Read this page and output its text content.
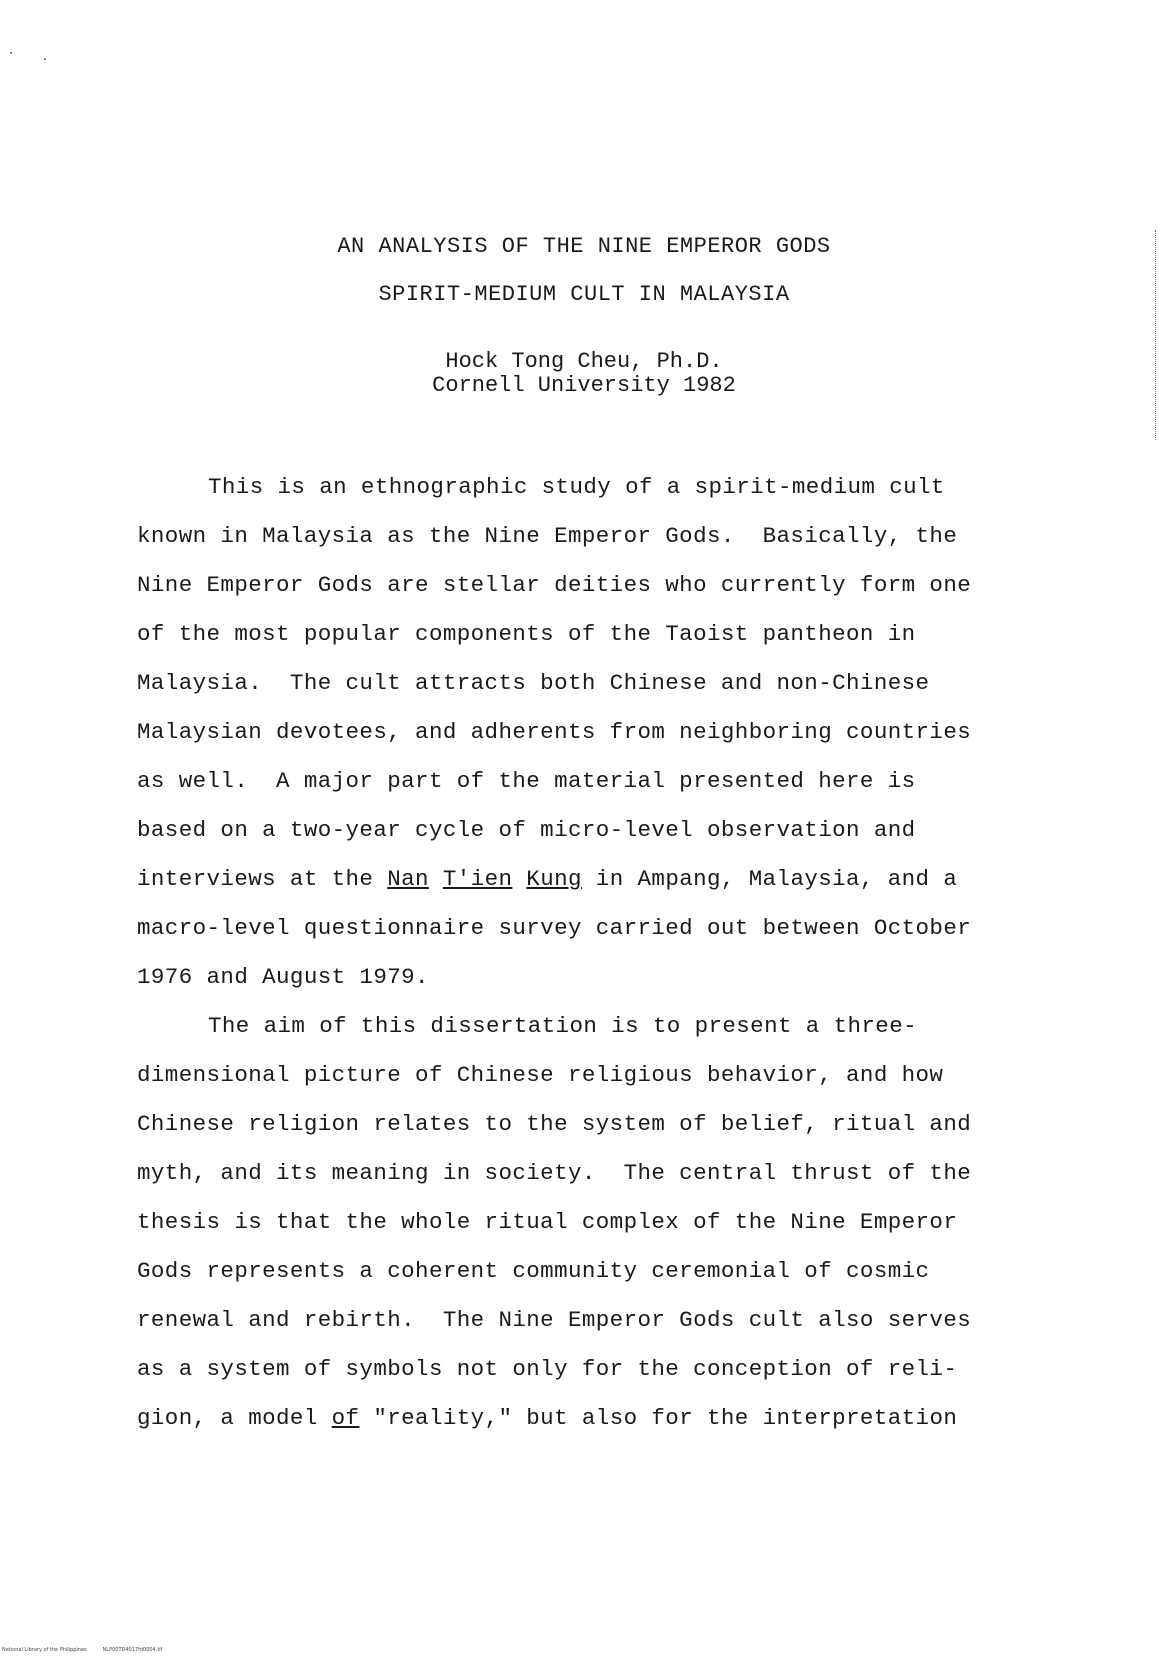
AN ANALYSIS OF THE NINE EMPEROR GODS
SPIRIT-MEDIUM CULT IN MALAYSIA
Hock Tong Cheu, Ph.D.
Cornell University 1982
This is an ethnographic study of a spirit-medium cult
known in Malaysia as the Nine Emperor Gods.  Basically, the
Nine Emperor Gods are stellar deities who currently form one
of the most popular components of the Taoist pantheon in
Malaysia.  The cult attracts both Chinese and non-Chinese
Malaysian devotees, and adherents from neighboring countries
as well.  A major part of the material presented here is
based on a two-year cycle of micro-level observation and
interviews at the Nan T'ien Kung in Ampang, Malaysia, and a
macro-level questionnaire survey carried out between October
1976 and August 1979.
The aim of this dissertation is to present a three-
dimensional picture of Chinese religious behavior, and how
Chinese religion relates to the system of belief, ritual and
myth, and its meaning in society.  The central thrust of the
thesis is that the whole ritual complex of the Nine Emperor
Gods represents a coherent community ceremonial of cosmic
renewal and rebirth.  The Nine Emperor Gods cult also serves
as a system of symbols not only for the conception of reli-
gion, a model of "reality," but also for the interpretation
National Library of the Philippines	NLP00TD4017fd0004.tif
